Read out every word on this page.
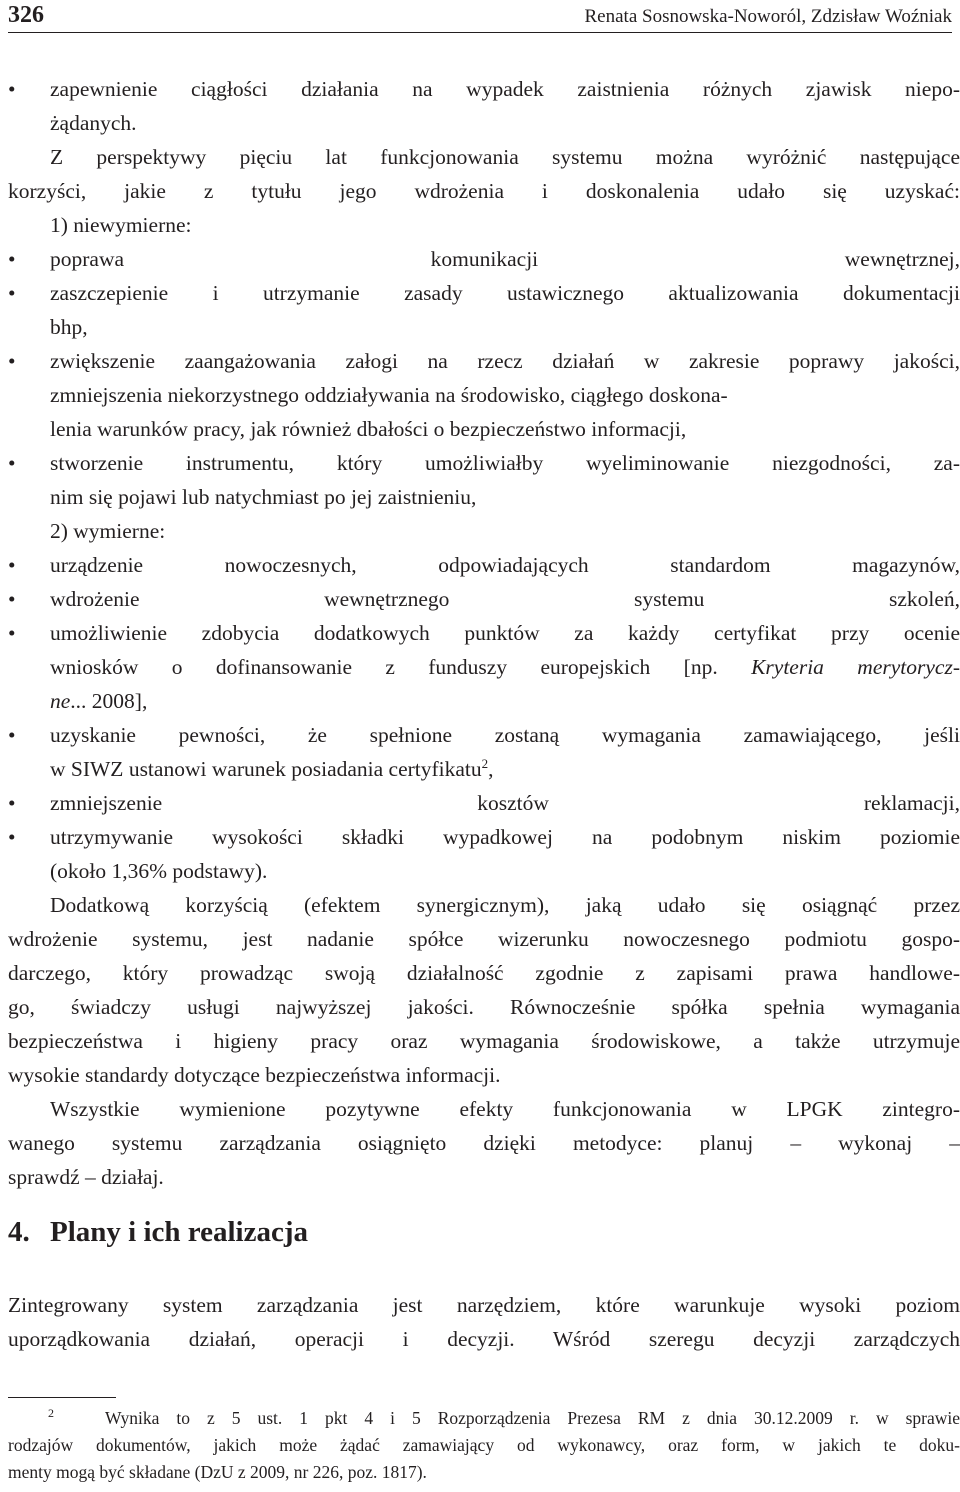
326	Renata Sosnowska-Noworól, Zdzisław Woźniak
•	zapewnienie ciągłości działania na wypadek zaistnienia różnych zjawisk niepo-
żądanych.
Z perspektywy pięciu lat funkcjonowania systemu można wyróżnić następujące
korzyści, jakie z tytułu jego wdrożenia i doskonalenia udało się uzyskać:
1) niewymierne:
•	poprawa komunikacji wewnętrznej,
•	zaszczepienie i utrzymanie zasady ustawicznego aktualizowania dokumentacji
bhp,
•	zwiększenie zaangażowania załogi na rzecz działań w zakresie poprawy jakości,
zmniejszenia niekorzystnego oddziaływania na środowisko, ciągłego doskona-
lenia warunków pracy, jak również dbałości o bezpieczeństwo informacji,
•	stworzenie instrumentu, który umożliwiałby wyeliminowanie niezgodności, za-
nim się pojawi lub natychmiast po jej zaistnieniu,
2) wymierne:
•	urządzenie nowoczesnych, odpowiadających standardom magazynów,
•	wdrożenie wewnętrznego systemu szkoleń,
•	umożliwienie zdobycia dodatkowych punktów za każdy certyfikat przy ocenie
wniosków o dofinansowanie z funduszy europejskich [np. Kryteria merytorycz-
ne... 2008],
•	uzyskanie pewności, że spełnione zostaną wymagania zamawiającego, jeśli
w SIWZ ustanowi warunek posiadania certyfikatu$^2$,
•	zmniejszenie kosztów reklamacji,
•	utrzymywanie wysokości składki wypadkowej na podobnym niskim poziomie
(około 1,36% podstawy).
Dodatkową korzyścią (efektem synergicznym), jaką udało się osiągnąć przez
wdrożenie systemu, jest nadanie spółce wizerunku nowoczesnego podmiotu gospo-
darczego, który prowadząc swoją działalność zgodnie z zapisami prawa handlowe-
go, świadczy usługi najwyższej jakości. Równocześnie spółka spełnia wymagania
bezpieczeństwa i higieny pracy oraz wymagania środowiskowe, a także utrzymuje
wysokie standardy dotyczące bezpieczeństwa informacji.
Wszystkie wymienione pozytywne efekty funkcjonowania w LPGK zintegro-
wanego systemu zarządzania osiągnięto dzięki metodyce: planuj – wykonaj –
sprawdź – działaj.
4. Plany i ich realizacja
Zintegrowany system zarządzania jest narzędziem, które warunkuje wysoki poziom
uporządkowania działań, operacji i decyzji. Wśród szeregu decyzji zarządczych
$^2$	Wynika to z 5 ust. 1 pkt 4 i 5 Rozporządzenia Prezesa RM z dnia 30.12.2009 r. w sprawie
rodzajów dokumentów, jakich może żądać zamawiający od wykonawcy, oraz form, w jakich te doku-
menty mogą być składane (DzU z 2009, nr 226, poz. 1817).
